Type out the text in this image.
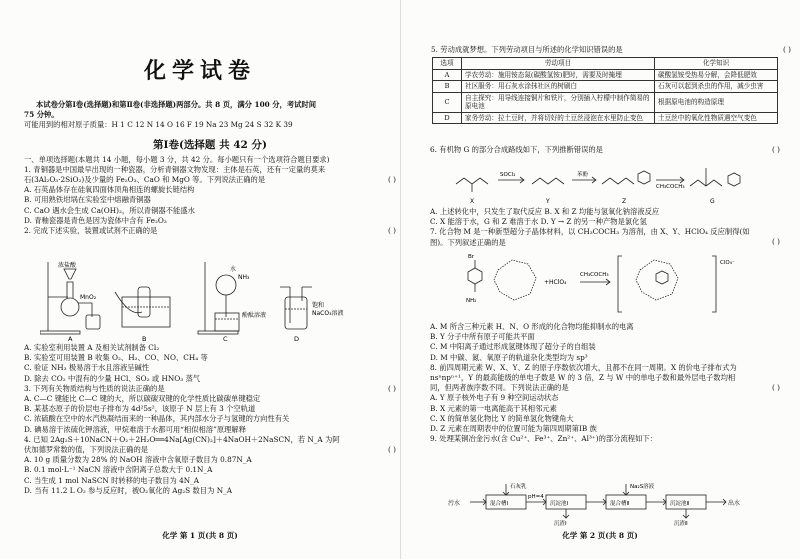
化学试卷
本试卷分第Ⅰ卷(选择题)和第Ⅱ卷(非选择题)两部分。共 8 页，满分 100 分，考试时间
75 分钟。
可能用到的相对原子质量：H 1 C 12 N 14 O 16 F 19 Na 23 Mg 24 S 32 K 39
第Ⅰ卷(选择题 共 42 分)
一、单项选择题(本题共 14 小题，每小题 3 分，共 42 分。每小题只有一个选项符合题目要求)
1. 青铜器是中国最早出现的一种瓷器，分析青铜器文物发现：主体是石英，还有一定量的莫来
石(3Al₂O₃·2SiO₂)及少量的 Fe₂O₃、CaO 和 MgO 等。下列说法正确的是	( )
A. 石英晶体存在硅氧四面体顶角相连的螺旋长链结构
B. 可用熟铁坩埚在实验室中熔融青铜器
C. CaO 遇水会生成 Ca(OH)₂，所以青铜器不能盛水
D. 青釉瓷器是青色是因为瓷体中含有 Fe₂O₃
2. 完成下述实验，装置或试剂不正确的是	( )
浓盐酸
MnO₂
NH₃
水
酚酞溶液
饱和
NaCO₃溶液
A	B	C	D
A. 实验室利用装置 A 及相关试剂制备 Cl₂
B. 实验室可用装置 B 收集 O₂、H₂、CO、NO、CH₄ 等
C. 验证 NH₃ 极易溶于水且溶液呈碱性
D. 除去 CO₂ 中混有的少量 HCl、SO₂ 或 HNO₃ 蒸气
3. 下列有关物质结构与性质的说法正确的是	( )
A. C—C 键能比 C—C 键的大，所以碳碳双键的化学性质比碳碳单键稳定
B. 某基态原子的价层电子排布为 4d²5s²，该原子 N 层上有 3 个空轨道
C. 浓硫酸在空中的水汽热凝结而来的一种晶体，其内部水分子与氢键的方向性有关
D. 碘易溶于浓硫化钾溶液，甲烷难溶于水都可用“相似相溶”原理解释
4. 已知 2Ag₂S＋10NaCN＋O₂＋2H₂O══4Na[Ag(CN)₂]＋4NaOH＋2NaSCN，若 N_A 为阿
伏加德罗常数的值，下列说法正确的是	( )
A. 10 g 质量分数为 28% 的 NaOH 溶液中含氧原子数目为 0.87N_A
B. 0.1 mol·L⁻¹ NaCN 溶液中含阴离子总数大于 0.1N_A
C. 当生成 1 mol NaSCN 时转移的电子数目为 4N_A
D. 当有 11.2 L O₂ 参与反应时，被O₂氧化的 Ag₂S 数目为 N_A
化学 第 1 页(共 8 页)
5. 劳动成就梦想。下列劳动项目与所述的化学知识错误的是	( )
选项	劳动项目	化学知识
A	学农劳动：施用铵态氮(碳酸氢铵)肥时，需要及时掩埋	碳酸氢铵受热易分解，会降低肥效
B	社区服务：用石灰水涂抹社区的树刷白	石灰可以起到杀虫的作用，减少虫害
C	自主探究：用导线连接铜片和铁片，分别插入柠檬中制作简易的原电池	根据原电池的构造原理
D	家务劳动：拉土豆时，并将切好的土豆丝浸泡在水里防止变色	土豆丝中的氧化性物质遇空气变色
6. 有机物 G 的部分合成路线如下，下列推断错误的是	( )
SOCl₂	苯酚
CH₃COCH₃
X	Y	Z	G
A. 上述转化中，只发生了取代反应 B. X 和 Z 均能与氢氧化钠溶液反应
C. X 能溶于水，G 和 Z 难溶于水 D. Y → Z 的另一种产物是氯化氢
7. 化合物 M 是一种新型超分子晶体材料，以 CH₃COCH₃ 为溶剂，由 X、Y、HClO₄ 反应制得(如
图)。下列叙述正确的是	( )
Br
NH₂
+HClO₄
CH₃COCH₃
ClO₄⁻
A. M 所含三种元素 H、N、O 形成的化合物均能抑制水的电离
B. Y 分子中所有原子可能共平面
C. M 中阳离子通过形成氢键体现了超分子的自组装
D. M 中碳、氮、氧原子的轨道杂化类型均为 sp³
8. 前四周期元素 W、X、Y、Z 的原子序数依次增大，且都不在同一周期。X 的价电子排布式为
nsⁿnpⁿ⁺¹，Y 的最高能级的单电子数是 W 的 3 倍，Z 与 W 中的单电子数和最外层电子数均相
同，但两者族序数不同。下列说法正确的是	( )
A. Y 原子核外电子有 9 种空间运动状态
B. X 元素的第一电离能高于其相邻元素
C. X 的简单氢化物比 Y 的简单氢化物键角大
D. Z 元素在周期表中的位置可能为第四周期第ⅠB 族
9. 处理某铜冶金污水(含 Cu²⁺、Fe³⁺、Zn²⁺、Al³⁺)的部分流程如下：
污水	混合槽Ⅰ	沉淀池Ⅰ	混合槽Ⅱ	沉淀池Ⅱ	出水
石灰乳
pH=4
Na₂S溶液
沉渣Ⅰ	沉渣Ⅱ
化学 第 2 页(共 8 页)
